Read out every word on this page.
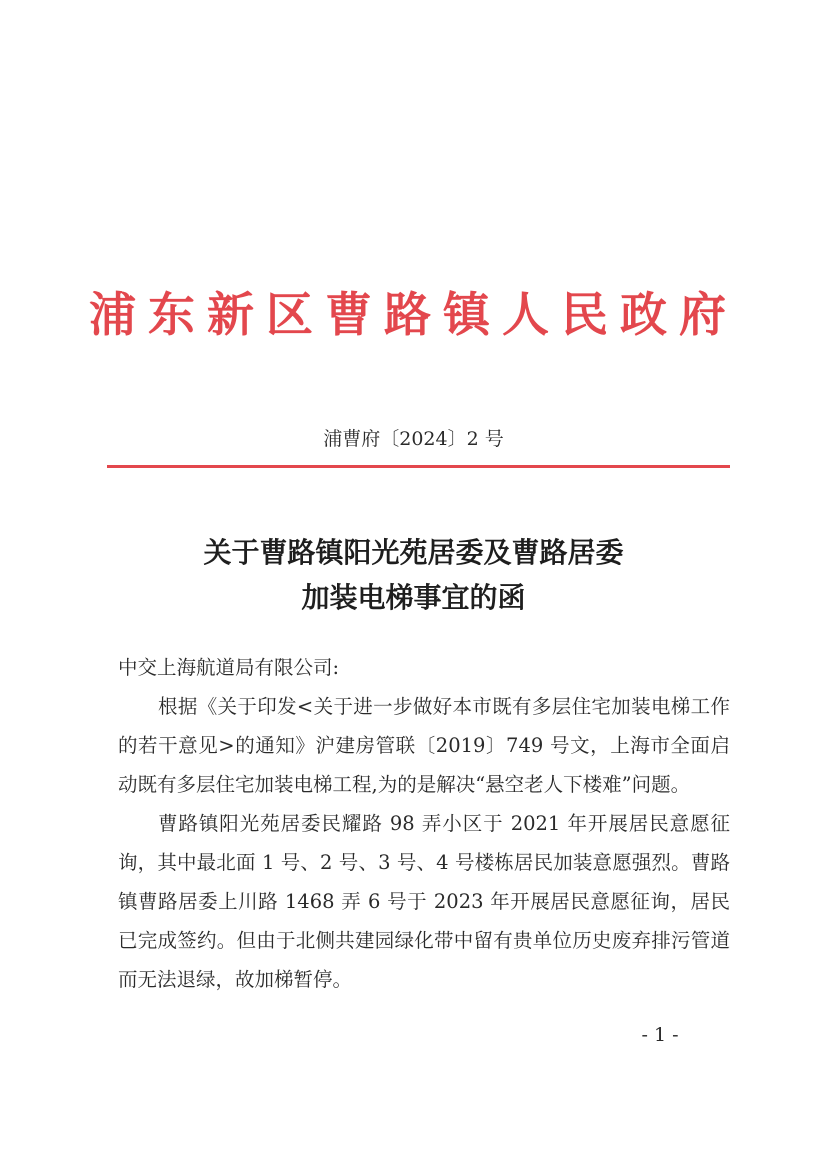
浦东新区曹路镇人民政府
浦曹府〔2024〕2 号
关于曹路镇阳光苑居委及曹路居委
加装电梯事宜的函

中交上海航道局有限公司:

根据《关于印发<关于进一步做好本市既有多层住宅加装电梯工作的若干意见>的通知》沪建房管联〔2019〕749 号文，上海市全面启动既有多层住宅加装电梯工程,为的是解决“悬空老人下楼难”问题。

曹路镇阳光苑居委民耀路 98 弄小区于 2021 年开展居民意愿征询，其中最北面 1 号、2 号、3 号、4 号楼栋居民加装意愿强烈。曹路镇曹路居委上川路 1468 弄 6 号于 2023 年开展居民意愿征询，居民已完成签约。但由于北侧共建园绿化带中留有贵单位历史废弃排污管道而无法退绿，故加梯暂停。

- 1 -
